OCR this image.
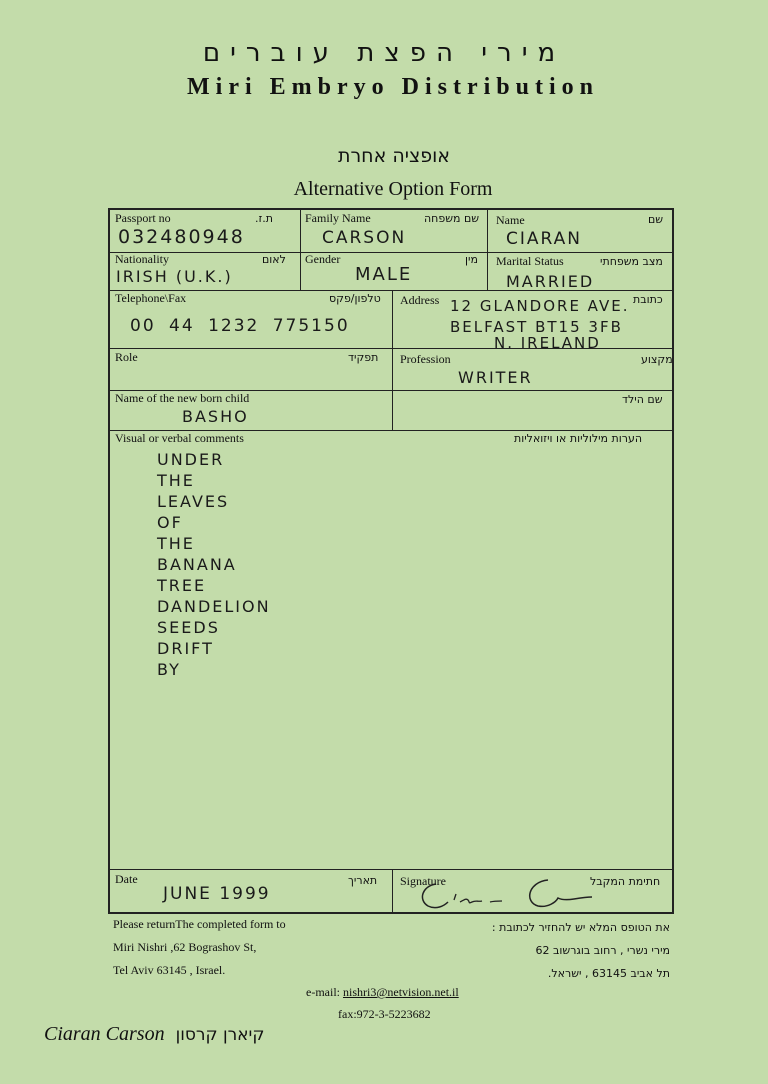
מירי הפצת עוברים
Miri Embryo Distribution
אופציה אחרת
Alternative Option Form
Passport no	ת.ז.
032480948
Family Name	שם משפחה
CARSON
Name	שם
CIARAN
Nationality	לאום
IRISH (U.K.)
Gender	מין
MALE
Marital Status	מצב משפחתי
MARRIED
Telephone\Fax	טלפון/פקס
00 44 1232 775150
Address	כתובת
12 GLANDORE AVE.
BELFAST BT15 3FB
N. IRELAND
Role	תפקיד Profession	מקצוע
WRITER
Name of the new born child	שם הילד
BASHO
Visual or verbal comments	הערות מילוליות או ויזואליות
UNDER
THE
LEAVES
OF
THE
BANANA
TREE
DANDELION
SEEDS
DRIFT
BY
Date	תאריך
JUNE 1999
Signature	חתימת המקבל
Please returnThe completed form to
Miri Nishri ,62 Bograshov St,
Tel Aviv 63145 , Israel.
את הטופס המלא יש להחזיר לכתובת :
מירי נשרי , רחוב בוגרשוב 62
תל אביב 63145 , ישראל.
e-mail: nishri3@netvision.net.il
fax:972-3-5223682
Ciaran Carson קיארן קרסון
